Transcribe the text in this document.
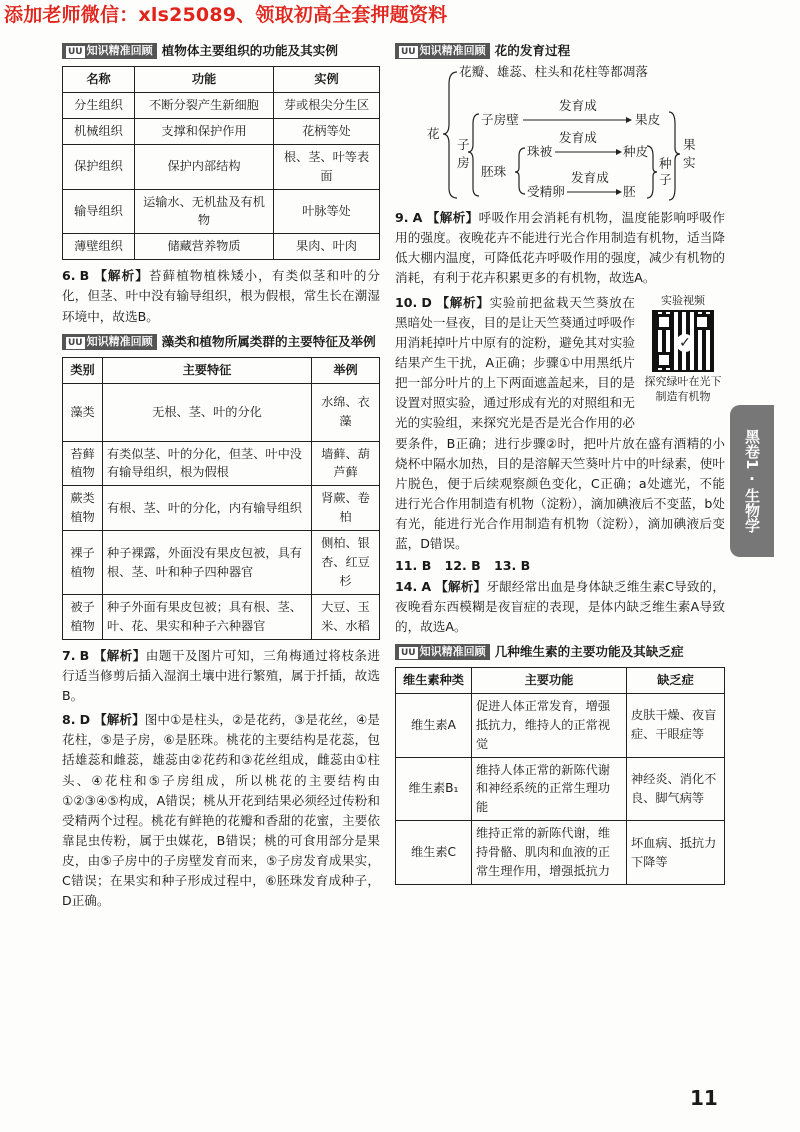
添加老师微信：xls25089、领取初高全套押题资料
UU 知识精准回顾 植物体主要组织的功能及其实例
名称	功能	实例
分生组织	不断分裂产生新细胞	芽或根尖分生区
机械组织	支撑和保护作用	花柄等处
保护组织	保护内部结构	根、茎、叶等表面
输导组织	运输水、无机盐及有机物	叶脉等处
薄壁组织	储藏营养物质	果肉、叶肉
6. B 【解析】苔藓植物植株矮小，有类似茎和叶的分化，但茎、叶中没有输导组织，根为假根，常生长在潮湿环境中，故选B。
UU 知识精准回顾 藻类和植物所属类群的主要特征及举例
类别	主要特征	举例
藻类	无根、茎、叶的分化	水绵、衣藻
苔藓植物	有类似茎、叶的分化，但茎、叶中没有输导组织，根为假根	墙藓、葫芦藓
蕨类植物	有根、茎、叶的分化，内有输导组织	肾蕨、卷柏
裸子植物	种子裸露，外面没有果皮包被，具有根、茎、叶和种子四种器官	侧柏、银杏、红豆杉
被子植物	种子外面有果皮包被；具有根、茎、叶、花、果实和种子六种器官	大豆、玉米、水稻
7. B 【解析】由题干及图片可知，三角梅通过将枝条进行适当修剪后插入湿润土壤中进行繁殖，属于扦插，故选B。
8. D 【解析】图中①是柱头，②是花药，③是花丝，④是花柱，⑤是子房，⑥是胚珠。桃花的主要结构是花蕊，包括雄蕊和雌蕊，雄蕊由②花药和③花丝组成，雌蕊由①柱头、④花柱和⑤子房组成，所以桃花的主要结构由①②③④⑤构成，A错误；桃从开花到结果必须经过传粉和受精两个过程。桃花有鲜艳的花瓣和香甜的花蜜，主要依靠昆虫传粉，属于虫媒花，B错误；桃的可食用部分是果皮，由⑤子房中的子房壁发育而来，⑤子房发育成果实，C错误；在果实和种子形成过程中，⑥胚珠发育成种子，D正确。
UU 知识精准回顾 花的发育过程
花
花瓣、雄蕊、柱头和花柱等都凋落
子房
子房壁
发育成
果皮
胚珠
珠被
发育成
种皮
受精卵
发育成
胚
种子
果实
9. A 【解析】呼吸作用会消耗有机物，温度能影响呼吸作用的强度。夜晚花卉不能进行光合作用制造有机物，适当降低大棚内温度，可降低花卉呼吸作用的强度，减少有机物的消耗，有利于花卉积累更多的有机物，故选A。
实验视频
✓
探究绿叶在光下制造有机物
10. D 【解析】实验前把盆栽天竺葵放在黑暗处一昼夜，目的是让天竺葵通过呼吸作用消耗掉叶片中原有的淀粉，避免其对实验结果产生干扰，A正确；步骤①中用黑纸片把一部分叶片的上下两面遮盖起来，目的是设置对照实验，通过形成有光的对照组和无光的实验组，来探究光是否是光合作用的必要条件，B正确；进行步骤②时，把叶片放在盛有酒精的小烧杯中隔水加热，目的是溶解天竺葵叶片中的叶绿素，使叶片脱色，便于后续观察颜色变化，C正确；a处遮光，不能进行光合作用制造有机物（淀粉），滴加碘液后不变蓝，b处有光，能进行光合作用制造有机物（淀粉），滴加碘液后变蓝，D错误。
11. B 12. B 13. B
14. A 【解析】牙龈经常出血是身体缺乏维生素C导致的，夜晚看东西模糊是夜盲症的表现，是体内缺乏维生素A导致的，故选A。
UU 知识精准回顾 几种维生素的主要功能及其缺乏症
维生素种类	主要功能	缺乏症
维生素A	促进人体正常发育，增强抵抗力，维持人的正常视觉	皮肤干燥、夜盲症、干眼症等
维生素B₁	维持人体正常的新陈代谢和神经系统的正常生理功能	神经炎、消化不良、脚气病等
维生素C	维持正常的新陈代谢，维持骨骼、肌肉和血液的正常生理作用，增强抵抗力	坏血病、抵抗力下降等
黑卷1
·
生物学
11
